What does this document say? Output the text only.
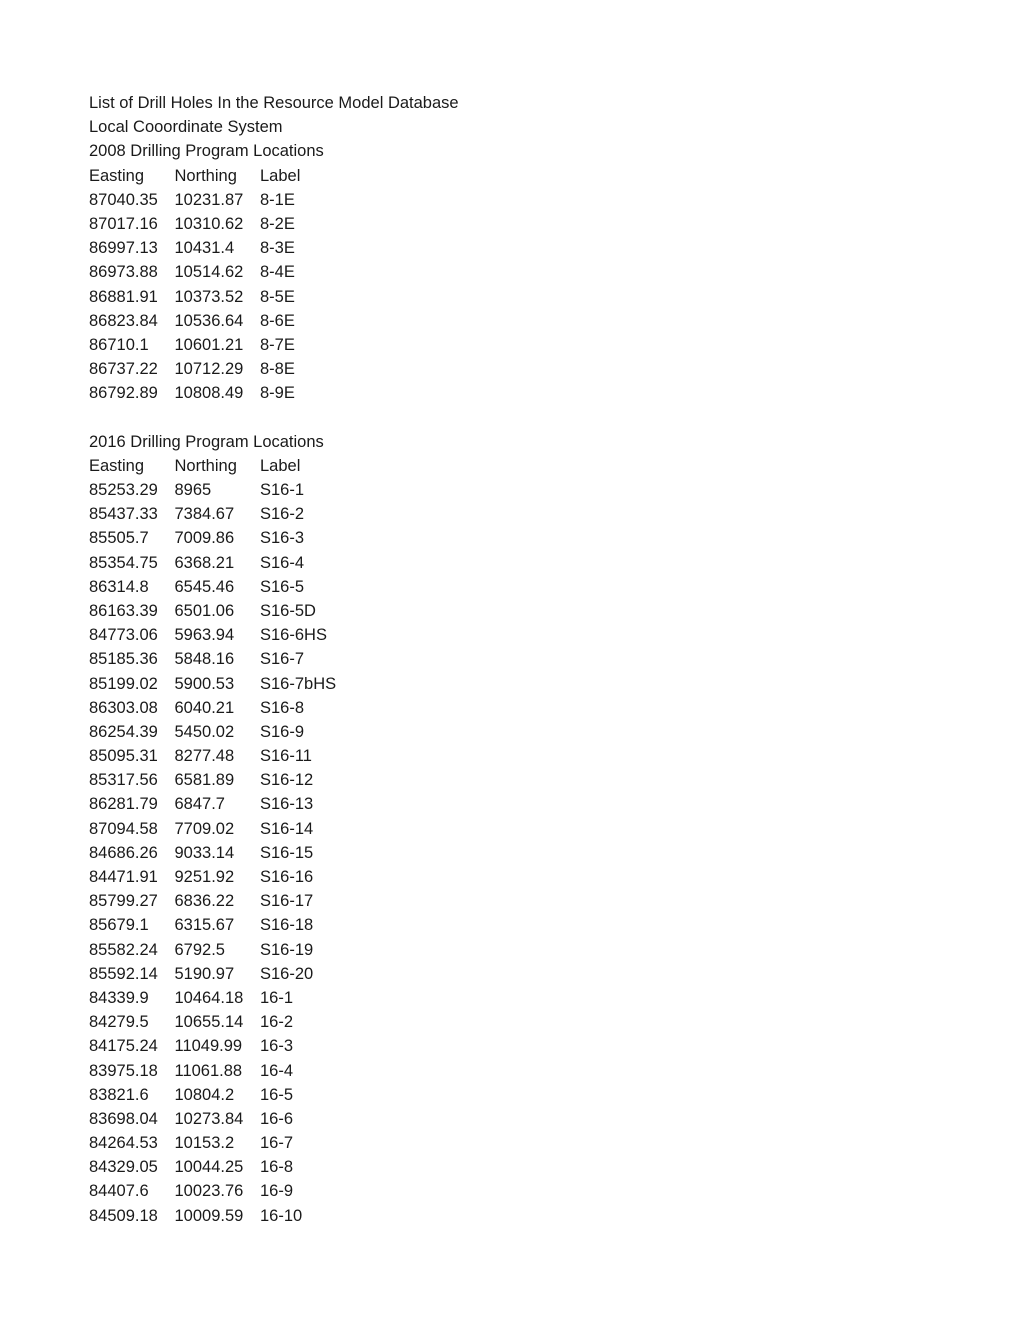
List of Drill Holes In the Resource Model Database
Local Cooordinate System
2008 Drilling Program Locations
Easting	Northing	Label
87040.35	10231.87	8-1E
87017.16	10310.62	8-2E
86997.13	10431.4	8-3E
86973.88	10514.62	8-4E
86881.91	10373.52	8-5E
86823.84	10536.64	8-6E
86710.1	10601.21	8-7E
86737.22	10712.29	8-8E
86792.89	10808.49	8-9E
2016 Drilling Program Locations
Easting	Northing	Label
85253.29	8965	S16-1
85437.33	7384.67	S16-2
85505.7	7009.86	S16-3
85354.75	6368.21	S16-4
86314.8	6545.46	S16-5
86163.39	6501.06	S16-5D
84773.06	5963.94	S16-6HS
85185.36	5848.16	S16-7
85199.02	5900.53	S16-7bHS
86303.08	6040.21	S16-8
86254.39	5450.02	S16-9
85095.31	8277.48	S16-11
85317.56	6581.89	S16-12
86281.79	6847.7	S16-13
87094.58	7709.02	S16-14
84686.26	9033.14	S16-15
84471.91	9251.92	S16-16
85799.27	6836.22	S16-17
85679.1	6315.67	S16-18
85582.24	6792.5	S16-19
85592.14	5190.97	S16-20
84339.9	10464.18	16-1
84279.5	10655.14	16-2
84175.24	11049.99	16-3
83975.18	11061.88	16-4
83821.6	10804.2	16-5
83698.04	10273.84	16-6
84264.53	10153.2	16-7
84329.05	10044.25	16-8
84407.6	10023.76	16-9
84509.18	10009.59	16-10
